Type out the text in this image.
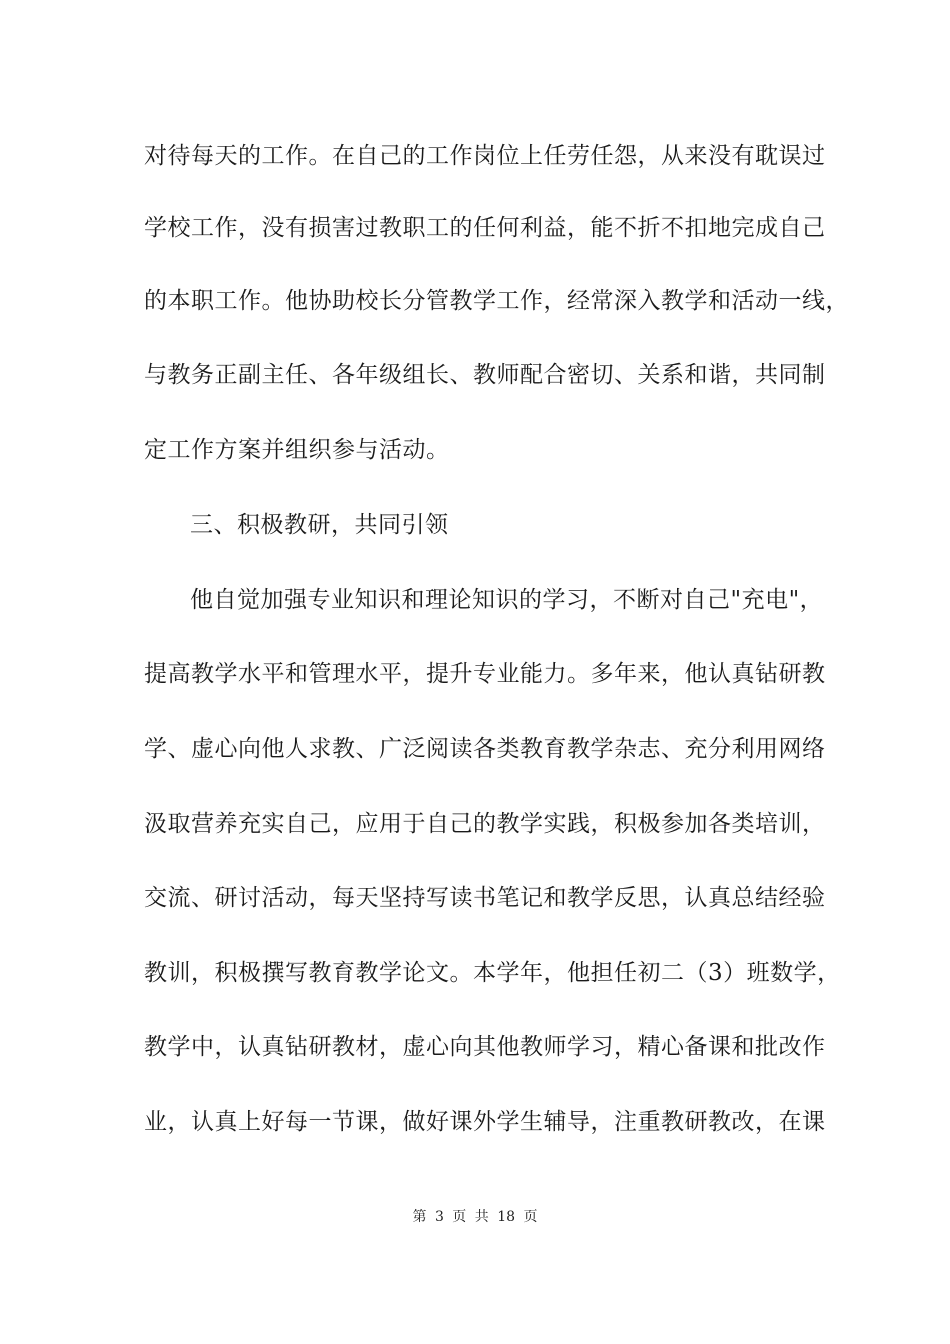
对待每天的工作。在自己的工作岗位上任劳任怨，从来没有耽误过
学校工作，没有损害过教职工的任何利益，能不折不扣地完成自己
的本职工作。他协助校长分管教学工作，经常深入教学和活动一线，
与教务正副主任、各年级组长、教师配合密切、关系和谐，共同制
定工作方案并组织参与活动。
三、积极教研，共同引领
他自觉加强专业知识和理论知识的学习，不断对自己"充电"，
提高教学水平和管理水平，提升专业能力。多年来，他认真钻研教
学、虚心向他人求教、广泛阅读各类教育教学杂志、充分利用网络
汲取营养充实自己，应用于自己的教学实践，积极参加各类培训，
交流、研讨活动，每天坚持写读书笔记和教学反思，认真总结经验
教训，积极撰写教育教学论文。本学年，他担任初二（3）班数学，
教学中，认真钻研教材，虚心向其他教师学习，精心备课和批改作
业，认真上好每一节课，做好课外学生辅导，注重教研教改，在课
第 3 页 共 18 页
